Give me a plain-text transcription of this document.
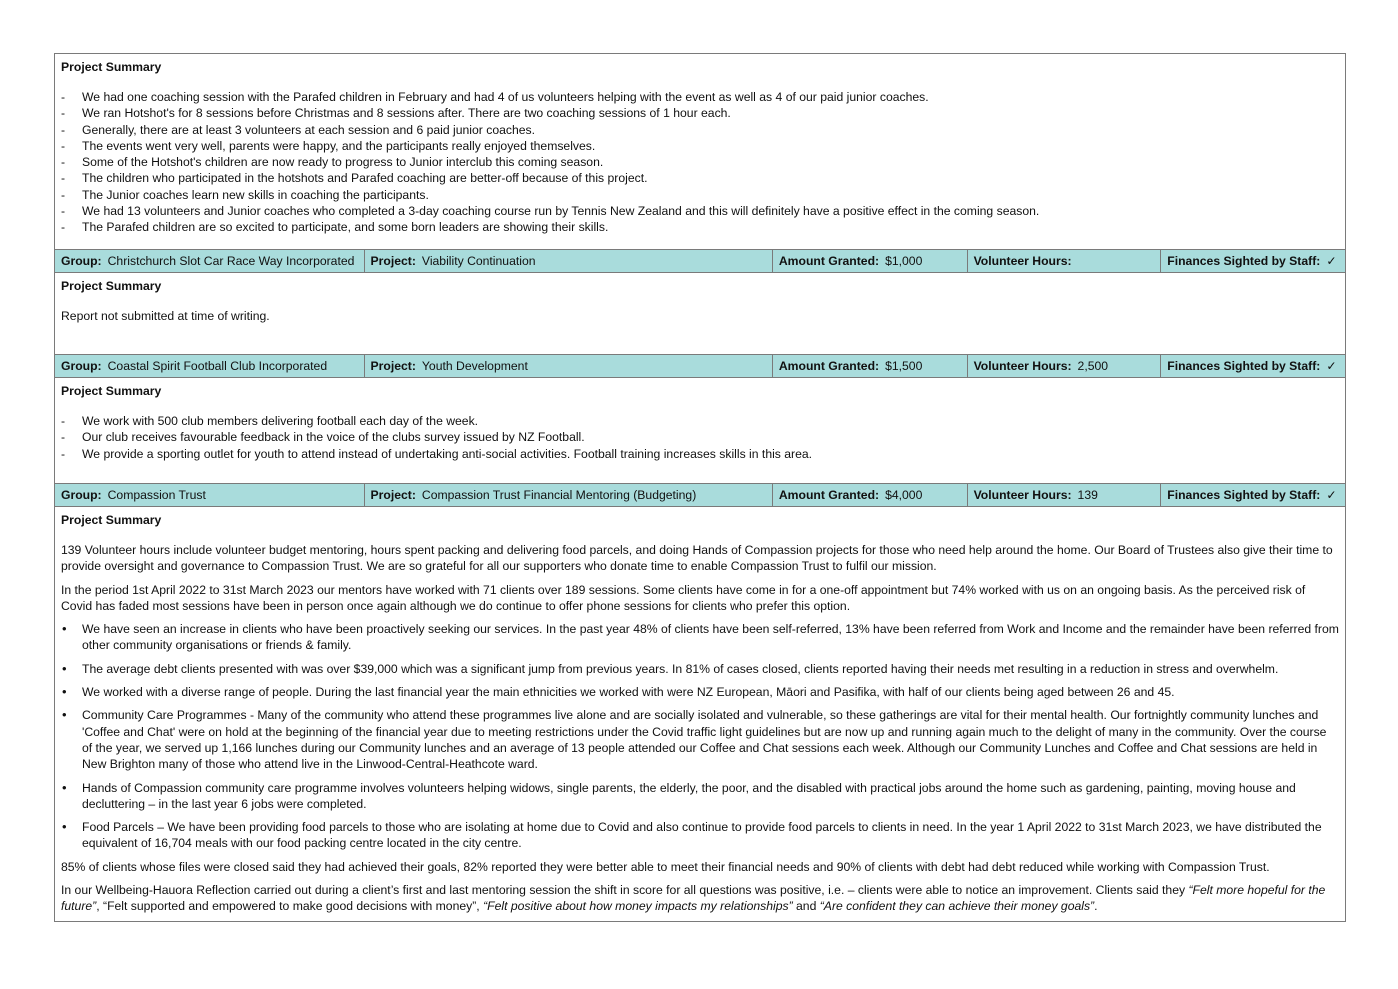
Project Summary
- We had one coaching session with the Parafed children in February and had 4 of us volunteers helping with the event as well as 4 of our paid junior coaches.
- We ran Hotshot's for 8 sessions before Christmas and 8 sessions after. There are two coaching sessions of 1 hour each.
- Generally, there are at least 3 volunteers at each session and 6 paid junior coaches.
- The events went very well, parents were happy, and the participants really enjoyed themselves.
- Some of the Hotshot's children are now ready to progress to Junior interclub this coming season.
- The children who participated in the hotshots and Parafed coaching are better-off because of this project.
- The Junior coaches learn new skills in coaching the participants.
- We had 13 volunteers and Junior coaches who completed a 3-day coaching course run by Tennis New Zealand and this will definitely have a positive effect in the coming season.
- The Parafed children are so excited to participate, and some born leaders are showing their skills.
Group: Christchurch Slot Car Race Way Incorporated	Project: Viability Continuation	Amount Granted: $1,000	Volunteer Hours:	Finances Sighted by Staff: ✓
Project Summary

Report not submitted at time of writing.

Group: Coastal Spirit Football Club Incorporated	Project: Youth Development	Amount Granted: $1,500	Volunteer Hours: 2,500	Finances Sighted by Staff: ✓
Project Summary
- We work with 500 club members delivering football each day of the week.
- Our club receives favourable feedback in the voice of the clubs survey issued by NZ Football.
- We provide a sporting outlet for youth to attend instead of undertaking anti-social activities. Football training increases skills in this area.
Group: Compassion Trust	Project: Compassion Trust Financial Mentoring (Budgeting)	Amount Granted: $4,000	Volunteer Hours: 139	Finances Sighted by Staff: ✓
Project Summary

139 Volunteer hours include volunteer budget mentoring, hours spent packing and delivering food parcels, and doing Hands of Compassion projects for those who need help around the home. Our Board of Trustees also give their time to provide oversight and governance to Compassion Trust. We are so grateful for all our supporters who donate time to enable Compassion Trust to fulfil our mission.

In the period 1st April 2022 to 31st March 2023 our mentors have worked with 71 clients over 189 sessions. Some clients have come in for a one-off appointment but 74% worked with us on an ongoing basis. As the perceived risk of Covid has faded most sessions have been in person once again although we do continue to offer phone sessions for clients who prefer this option.

• We have seen an increase in clients who have been proactively seeking our services. In the past year 48% of clients have been self-referred, 13% have been referred from Work and Income and the remainder have been referred from other community organisations or friends & family.
• The average debt clients presented with was over $39,000 which was a significant jump from previous years. In 81% of cases closed, clients reported having their needs met resulting in a reduction in stress and overwhelm.
• We worked with a diverse range of people. During the last financial year the main ethnicities we worked with were NZ European, Māori and Pasifika, with half of our clients being aged between 26 and 45.
• Community Care Programmes - Many of the community who attend these programmes live alone and are socially isolated and vulnerable, so these gatherings are vital for their mental health. Our fortnightly community lunches and 'Coffee and Chat' were on hold at the beginning of the financial year due to meeting restrictions under the Covid traffic light guidelines but are now up and running again much to the delight of many in the community. Over the course of the year, we served up 1,166 lunches during our Community lunches and an average of 13 people attended our Coffee and Chat sessions each week. Although our Community Lunches and Coffee and Chat sessions are held in New Brighton many of those who attend live in the Linwood-Central-Heathcote ward.
• Hands of Compassion community care programme involves volunteers helping widows, single parents, the elderly, the poor, and the disabled with practical jobs around the home such as gardening, painting, moving house and decluttering – in the last year 6 jobs were completed.
• Food Parcels – We have been providing food parcels to those who are isolating at home due to Covid and also continue to provide food parcels to clients in need. In the year 1 April 2022 to 31st March 2023, we have distributed the equivalent of 16,704 meals with our food packing centre located in the city centre.

85% of clients whose files were closed said they had achieved their goals, 82% reported they were better able to meet their financial needs and 90% of clients with debt had debt reduced while working with Compassion Trust.

In our Wellbeing-Hauora Reflection carried out during a client’s first and last mentoring session the shift in score for all questions was positive, i.e. – clients were able to notice an improvement. Clients said they “Felt more hopeful for the future”, “Felt supported and empowered to make good decisions with money”, “Felt positive about how money impacts my relationships” and “Are confident they can achieve their money goals”.
